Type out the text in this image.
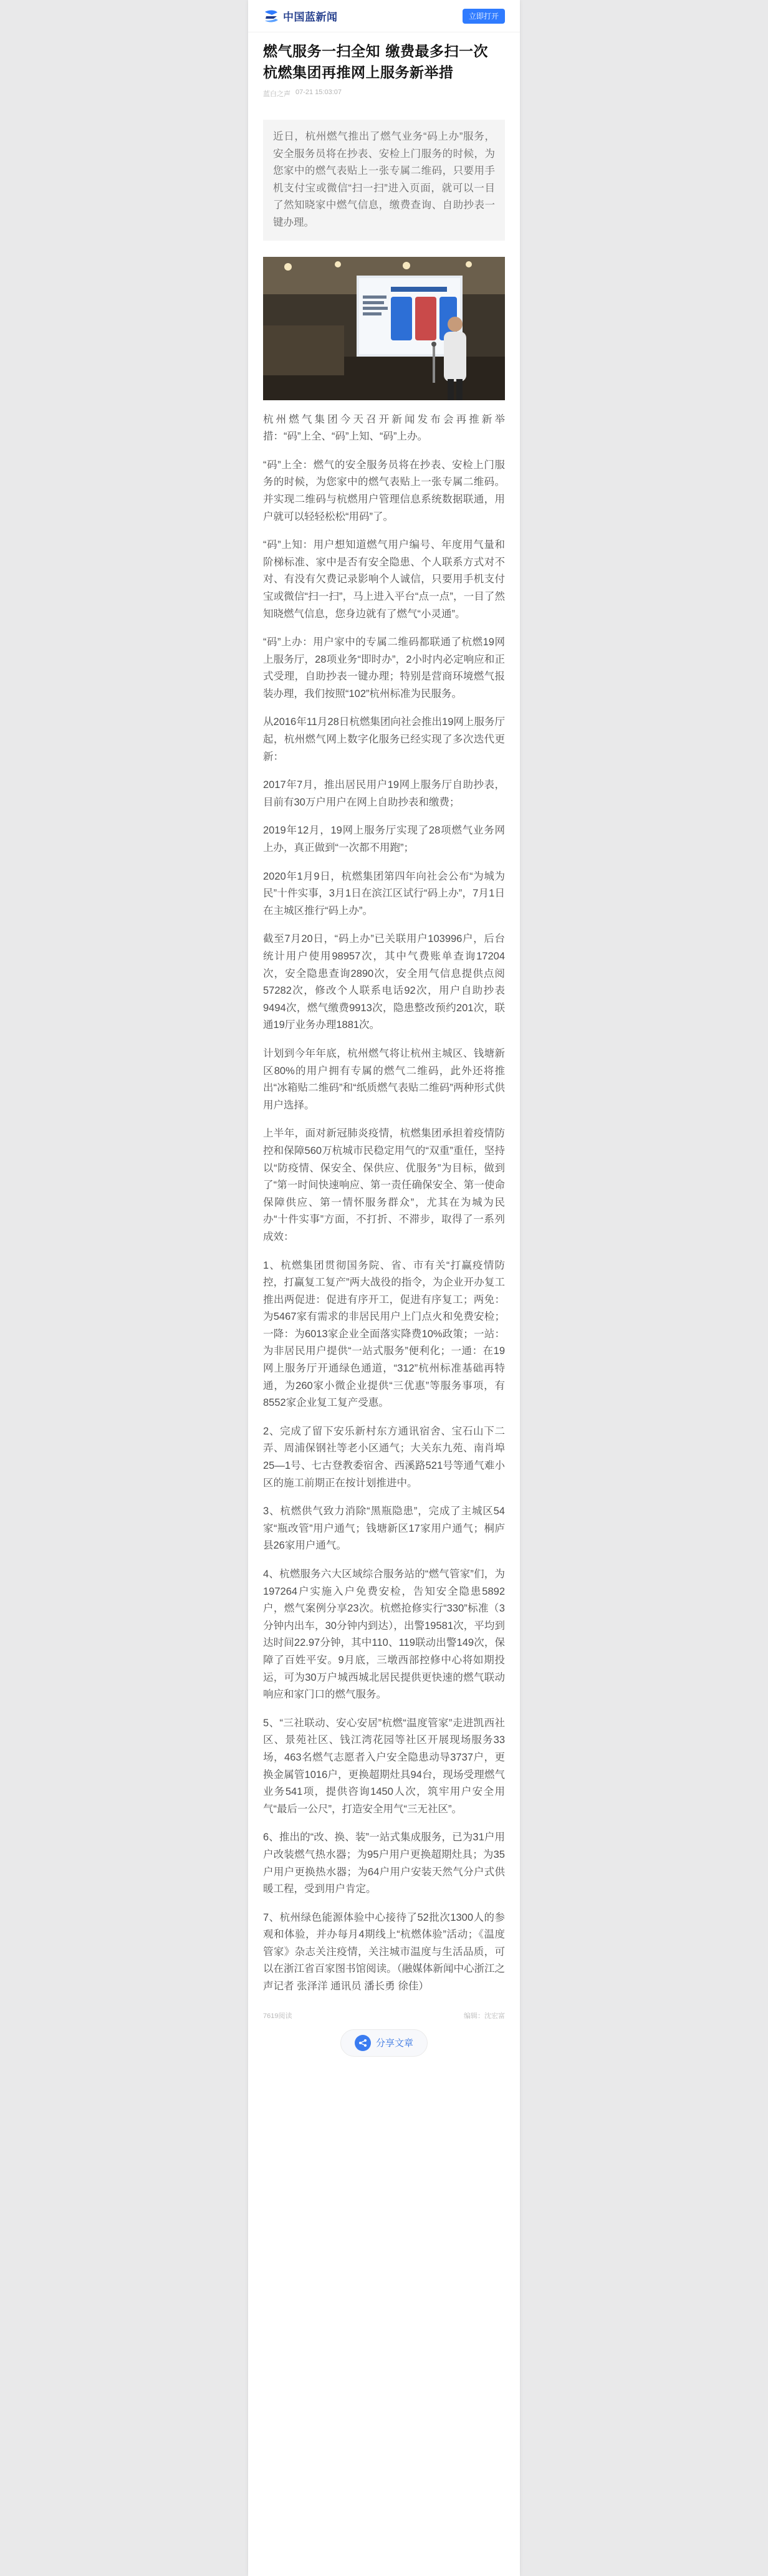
中国蓝新闻	立即打开
燃气服务一扫全知 缴费最多扫一次 杭燃集团再推网上服务新举措
蓝白之声 07-21 15:03:07
近日，杭州燃气推出了燃气业务“码上办”服务，安全服务员将在抄表、安检上门服务的时候，为您家中的燃气表贴上一张专属二维码，只要用手机支付宝或微信“扫一扫”进入页面，就可以一目了然知晓家中燃气信息，缴费查询、自助抄表一键办理。

杭州燃气集团今天召开新闻发布会再推新举措：“码”上全、“码”上知、“码”上办。

“码”上全：燃气的安全服务员将在抄表、安检上门服务的时候，为您家中的燃气表贴上一张专属二维码。并实现二维码与杭燃用户管理信息系统数据联通，用户就可以轻轻松松“用码”了。

“码”上知：用户想知道燃气用户编号、年度用气量和阶梯标准、家中是否有安全隐患、个人联系方式对不对、有没有欠费记录影响个人诚信，只要用手机支付宝或微信“扫一扫”，马上进入平台“点一点”，一目了然知晓燃气信息，您身边就有了燃气“小灵通”。

“码”上办：用户家中的专属二维码都联通了杭燃19网上服务厅，28项业务“即时办”，2小时内必定响应和正式受理，自助抄表一键办理；特别是营商环境燃气报装办理，我们按照“102”杭州标准为民服务。

从2016年11月28日杭燃集团向社会推出19网上服务厅起，杭州燃气网上数字化服务已经实现了多次迭代更新：

2017年7月，推出居民用户19网上服务厅自助抄表，目前有30万户用户在网上自助抄表和缴费；

2019年12月，19网上服务厅实现了28项燃气业务网上办，真正做到“一次都不用跑”；

2020年1月9日，杭燃集团第四年向社会公布“为城为民”十件实事，3月1日在滨江区试行“码上办”，7月1日在主城区推行“码上办”。

截至7月20日，“码上办”已关联用户103996户，后台统计用户使用98957次，其中气费账单查询17204次，安全隐患查询2890次，安全用气信息提供点阅57282次，修改个人联系电话92次，用户自助抄表9494次，燃气缴费9913次，隐患整改预约201次，联通19厅业务办理1881次。

计划到今年年底，杭州燃气将让杭州主城区、钱塘新区80%的用户拥有专属的燃气二维码，此外还将推出“冰箱贴二维码”和“纸质燃气表贴二维码”两种形式供用户选择。

上半年，面对新冠肺炎疫情，杭燃集团承担着疫情防控和保障560万杭城市民稳定用气的“双重”重任，坚持以“防疫情、保安全、保供应、优服务”为目标，做到了“第一时间快速响应、第一责任确保安全、第一使命保障供应、第一情怀服务群众”，尤其在为城为民办“十件实事”方面，不打折、不滞步，取得了一系列成效：

1、杭燃集团贯彻国务院、省、市有关“打赢疫情防控，打赢复工复产”两大战役的指令，为企业开办复工推出两促进：促进有序开工，促进有序复工；两免：为5467家有需求的非居民用户上门点火和免费安检；一降：为6013家企业全面落实降费10%政策；一站：为非居民用户提供“一站式服务”便利化；一通：在19网上服务厅开通绿色通道，“312”杭州标准基础再特通，为260家小微企业提供“三优惠”等服务事项，有8552家企业复工复产受惠。

2、完成了留下安乐新村东方通讯宿舍、宝石山下二弄、周浦保钢社等老小区通气；大关东九苑、南肖埠25—1号、七古登教委宿舍、西溪路521号等通气难小区的施工前期正在按计划推进中。

3、杭燃供气致力消除“黑瓶隐患”，完成了主城区54家“瓶改管”用户通气；钱塘新区17家用户通气；桐庐县26家用户通气。

4、杭燃服务六大区域综合服务站的“燃气管家”们，为197264户实施入户免费安检，告知安全隐患5892户，燃气案例分享23次。杭燃抢修实行“330”标准（3分钟内出车，30分钟内到达），出警19581次，平均到达时间22.97分钟，其中110、119联动出警149次，保障了百姓平安。9月底，三墩西部控修中心将如期投运，可为30万户城西城北居民提供更快速的燃气联动响应和家门口的燃气服务。

5、“三社联动、安心安居”杭燃“温度管家”走进凯西社区、景苑社区、钱江湾花园等社区开展现场服务33场，463名燃气志愿者入户安全隐患动导3737户，更换金属管1016户，更换超期灶具94台，现场受理燃气业务541项，提供咨询1450人次，筑牢用户安全用气“最后一公尺”，打造安全用气“三无社区”。

6、推出的“改、换、装”一站式集成服务，已为31户用户改装燃气热水器；为95户用户更换超期灶具；为35户用户更换热水器；为64户用户安装天然气分户式供暖工程，受到用户肯定。

7、杭州绿色能源体验中心接待了52批次1300人的参观和体验，并办每月4期线上“杭燃体验”活动；《温度管家》杂志关注疫情，关注城市温度与生活品质，可以在浙江省百家图书馆阅读。（融媒体新闻中心浙江之声记者 张泽洋 通讯员 潘长勇 徐佳）

7619阅读	编辑：沈宏富
分享文章
